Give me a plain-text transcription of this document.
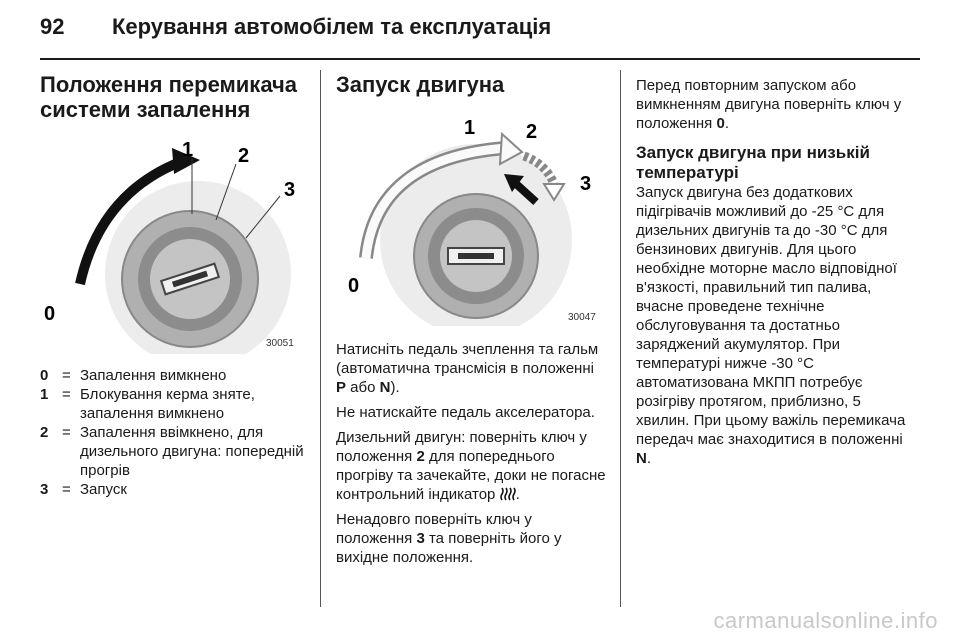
92 Керування автомобілем та експлуатація
Положення перемикача
системи запалення
0
1 2
3
30051
0 = Запалення вимкнено
1 = Блокування керма зняте, запалення вимкнено
2 = Запалення ввімкнено, для дизельного двигуна: попередній прогрів
3 = Запуск
Запуск двигуна
0
1	2
3
30047

Натисніть педаль зчеплення та гальм (автоматична трансмісія в положенні P або N).

Не натискайте педаль акселератора.

Дизельний двигун: поверніть ключ у положення 2 для попереднього прогріву та зачекайте, доки не погасне контрольний індикатор .

Ненадовго поверніть ключ у положення 3 та поверніть його у вихідне положення.

Перед повторним запуском або вимкненням двигуна поверніть ключ у положення 0.

Запуск двигуна при низькій
температурі

Запуск двигуна без додаткових підігрівачів можливий до -25 °C для дизельних двигунів та до -30 °C для бензинових двигунів. Для цього необхідне моторне масло відповідної в'язкості, правильний тип палива, вчасне проведене технічне обслуговування та достатньо заряджений акумулятор. При температурі нижче -30 °C автоматизована МКПП потребує розігріву протягом, приблизно, 5 хвилин. При цьому важіль перемикача передач має знаходитися в положенні N.

carmanualsonline.info
